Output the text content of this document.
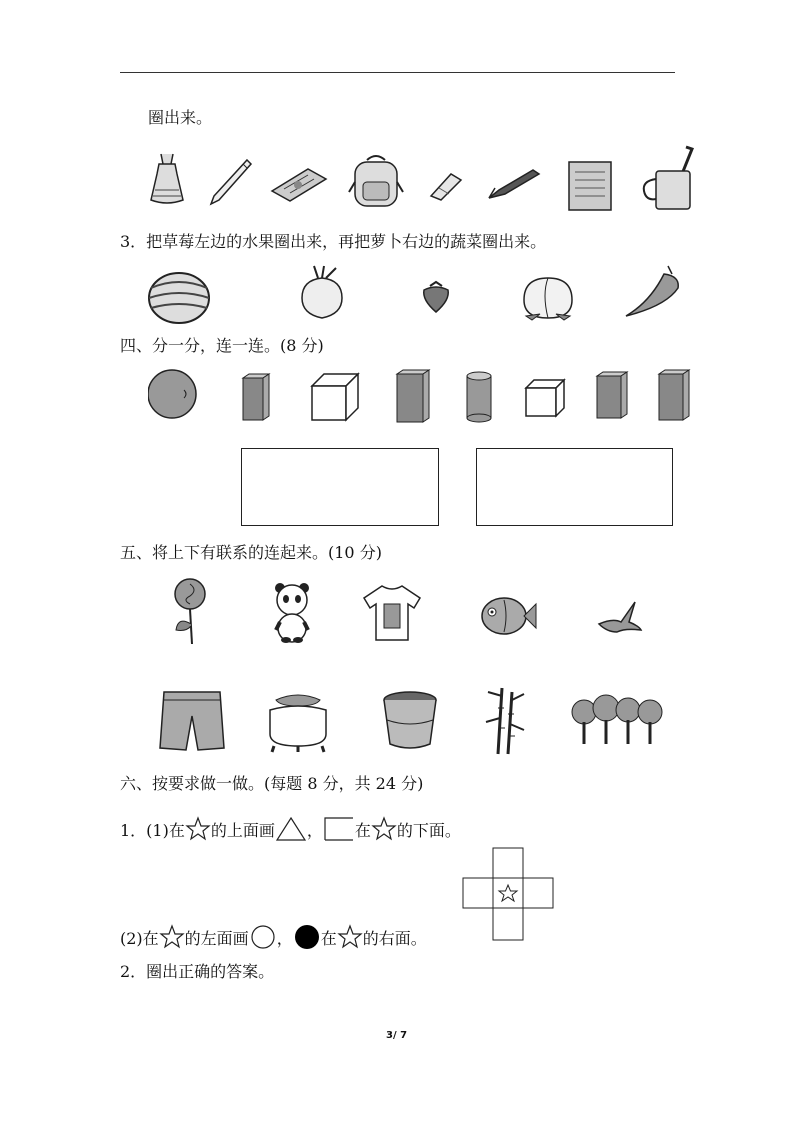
圈出来。
3．把草莓左边的水果圈出来，再把萝卜右边的蔬菜圈出来。
四、分一分，连一连。(8 分)
五、将上下有联系的连起来。(10 分)
六、按要求做一做。(每题 8 分，共 24 分)
1．(1)在 的上面画 ， 在 的下面。
(2)在 的左面画 ， 在 的右面。
2．圈出正确的答案。
3/ 7
